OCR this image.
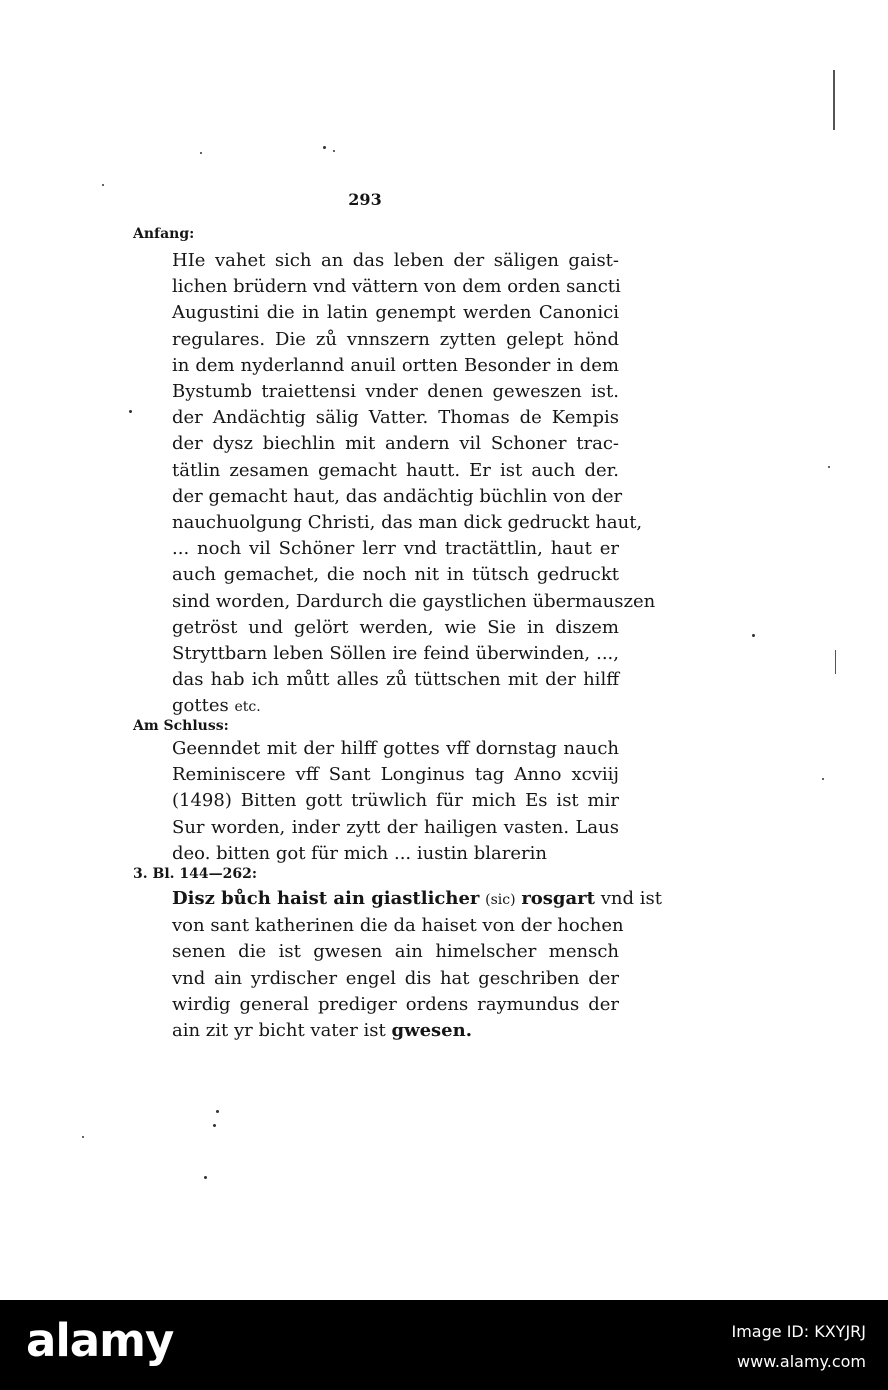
293
Anfang:
HIe vahet sich an das leben der säligen gaist-
lichen brüdern vnd vättern von dem orden sancti
Augustini die in latin genempt werden Canonici
regulares. Die zů vnnszern zytten gelept hönd
in dem nyderlannd anuil ortten Besonder in dem
Bystumb traiettensi vnder denen geweszen ist.
der Andächtig sälig Vatter. Thomas de Kempis
der dysz biechlin mit andern vil Schoner trac-
tätlin zesamen gemacht hautt. Er ist auch der.
der gemacht haut, das andächtig büchlin von der
nauchuolgung Christi, das man dick gedruckt haut,
... noch vil Schöner lerr vnd tractättlin, haut er
auch gemachet, die noch nit in tütsch gedruckt
sind worden, Dardurch die gaystlichen übermauszen
getröst und gelört werden, wie Sie in diszem
Stryttbarn leben Söllen ire feind überwinden, ...,
das hab ich můtt alles zů tüttschen mit der hilff
gottes etc.
Am Schluss:
Geenndet mit der hilff gottes vff dornstag nauch
Reminiscere vff Sant Longinus tag Anno xcviij
(1498) Bitten gott trüwlich für mich Es ist mir
Sur worden, inder zytt der hailigen vasten. Laus
deo. bitten got für mich ... iustin blarerin
3. Bl. 144—262:
Disz bůch haist ain giastlicher (sic) rosgart vnd ist
von sant katherinen die da haiset von der hochen
senen die ist gwesen ain himelscher mensch
vnd ain yrdischer engel dis hat geschriben der
wirdig general prediger ordens raymundus der
ain zit yr bicht vater ist gwesen.
alamy	Image ID: KXYJRJ
www.alamy.com
